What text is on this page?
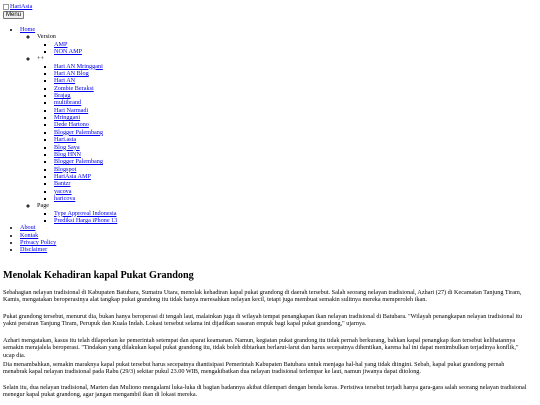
HariAsia
Menu
• Home
◦ Version
▪ AMP
▪ NON AMP
◦ ++
▪ Hari AN Mringgani
▪ Hari AN Blog
▪ Hari AN
▪ Zombie Beraksi
▪ Brajag
▪ multibrand
▪ Hari Narmadi
▪ Mringgani
▪ Dede Hartono
▪ Blogger Palembang
▪ Hari.asia
▪ Blog Saya
▪ Blog HNN
▪ Blogger Palembang
▪ Blogspot
▪ HariAsia AMP
▪ Bantzr
▪ yacova
▪ haricova
◦ Page
▪ Type Approval Indonesia
▪ Prediksi Harga iPhone 13
• About
• Kontak
• Privacy Policy
• Disclaimer
Menolak Kehadiran kapal Pukat Grandong

Sebahagian nelayan tradisional di Kabupaten Batubara, Sumatra Utara, menolak kehadiran kapal pukat grandong di daerah tersebut. Salah seorang nelayan tradisional, Azhari (27) di Kecamatan Tanjung Tiram, Kamis, mengatakan beroperasinya alat tangkap pukat grandong itu tidak hanya meresahkan nelayan kecil, tetapi juga membuat semakin sulitnya mereka memperoleh ikan.

Pukat grandong tersebut, menurut dia, bukan hanya beroperasi di tengah laut, malainkan juga di wilayah tempat penangkapan ikan nelayan tradisional di Batubara. "Wilayah penangkapan nelayan tradisional itu yakni perairan Tanjung Tiram, Perupuk dan Kuala Indah. Lokasi tersebut selama ini dijadikan sasaran empuk bagi kapal pukat grandong," ujarnya.

Azhari mengatakan, kasus itu telah dilaporkan ke pemerintah setempat dan aparat keamanan. Namun, kegiatan pukat grandong itu tidak pernah berkurang, bahkan kapal penangkap ikan tersebut kelihatannya semakin merajalela beroperasi. "Tindakan yang dilakukan kapal pukat grandong itu, tidak boleh dibiarkan berlarut-larut dan harus secepatnya dihentikan, karena hal ini dapat menimbulkan terjadinya konflik," ucap dia.

Dia menambahkan, semakin maraknya kapal pukat tersebut harus secepatnya diantisipasi Pemerintah Kabupaten Batubara untuk menjaga hal-hal yang tidak diingini. Sebab, kapal pukat grandong pernah menabrak kapal nelayan tradisional pada Rabu (29/3) sekitar pukul 23.00 WIB, mengakibatkan dua nelayan tradisional terlempar ke laut, namun jiwanya dapat ditolong.

Selain itu, dua nelayan tradisional, Marten dan Muliono mengalami luka-luka di bagian badannya akibat dilempari dengan benda keras. Peristiwa tersebut terjadi hanya gara-gara salah seorang nelayan tradisional menegur kapal pukat grandong, agar jangan mengambil ikan di lokasi mereka.
